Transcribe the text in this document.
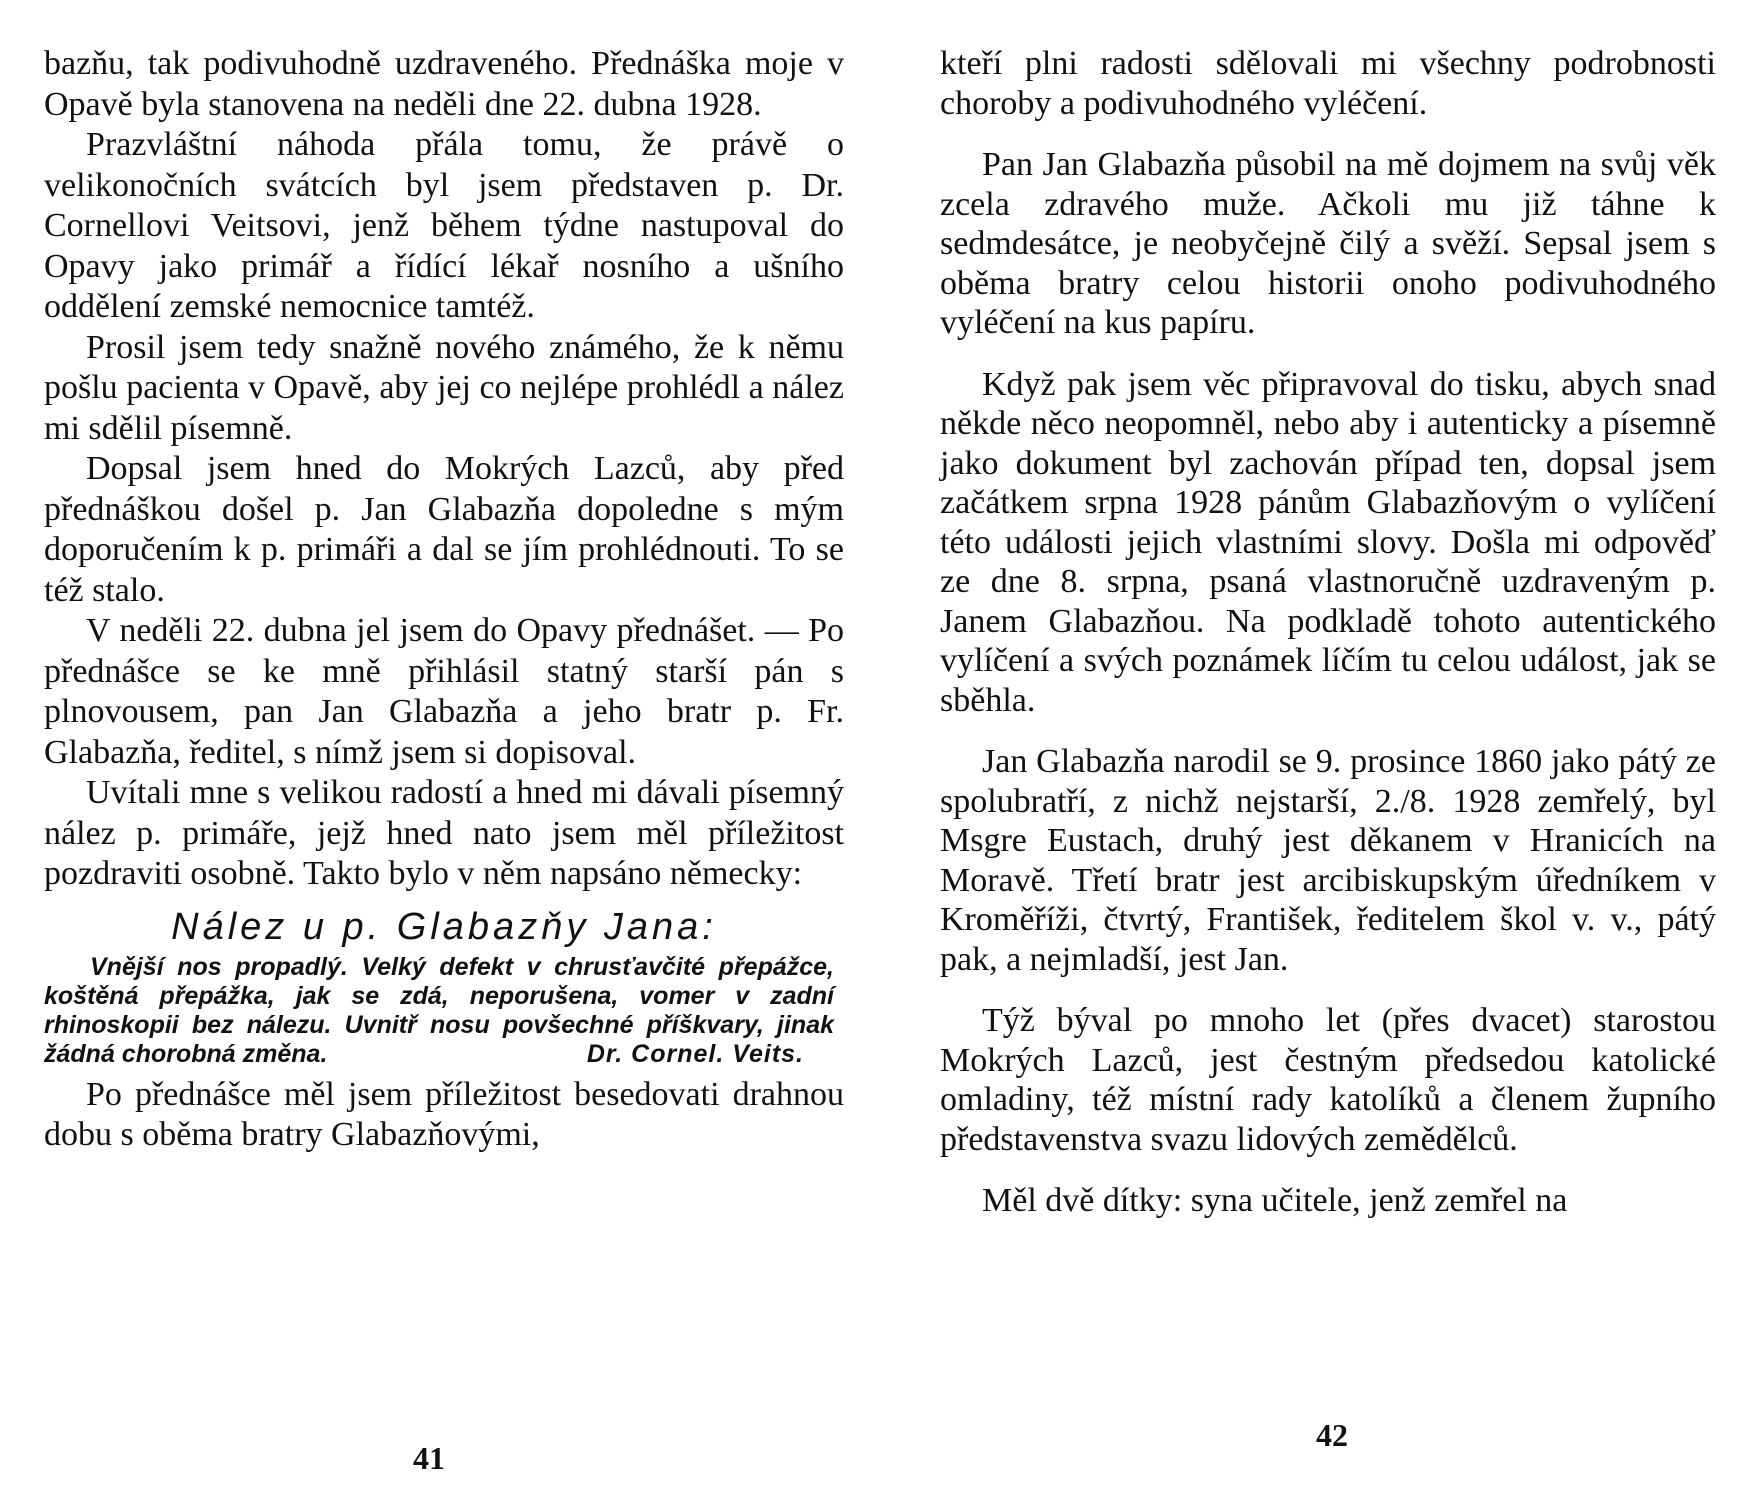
bazňu, tak podivuhodně uzdraveného. Přednáška moje v Opavě byla stanovena na neděli dne 22. dubna 1928.

Prazvláštní náhoda přála tomu, že právě o velikonočních svátcích byl jsem představen p. Dr. Cornellovi Veitsovi, jenž během týdne nastupoval do Opavy jako primář a řídící lékař nosního a ušního oddělení zemské nemocnice tamtéž.

Prosil jsem tedy snažně nového známého, že k němu pošlu pacienta v Opavě, aby jej co nejlépe prohlédl a nález mi sdělil písemně.

Dopsal jsem hned do Mokrých Lazců, aby před přednáškou došel p. Jan Glabazňa dopoledne s mým doporučením k p. primáři a dal se jím prohlédnouti. To se též stalo.

V neděli 22. dubna jel jsem do Opavy přednášet. — Po přednášce se ke mně přihlásil statný starší pán s plnovousem, pan Jan Glabazňa a jeho bratr p. Fr. Glabazňa, ředitel, s nímž jsem si dopisoval.

Uvítali mne s velikou radostí a hned mi dávali písemný nález p. primáře, jejž hned nato jsem měl příležitost pozdraviti osobně. Takto bylo v něm napsáno německy:

Nález u p. Glabazňy Jana:

Vnější nos propadlý. Velký defekt v chrusťavčité přepážce, koštěná přepážka, jak se zdá, neporušena, vomer v zadní rhinoskopii bez nálezu. Uvnitř nosu povšechné příškvary, jinak žádná chorobná změna.	Dr. Cornel. Veits.

Po přednášce měl jsem příležitost besedovati drahnou dobu s oběma bratry Glabazňovými,

41

kteří plni radosti sdělovali mi všechny podrobnosti choroby a podivuhodného vyléčení.

Pan Jan Glabazňa působil na mě dojmem na svůj věk zcela zdravého muže. Ačkoli mu již táhne k sedmdesátce, je neobyčejně čilý a svěží. Sepsal jsem s oběma bratry celou historii onoho podivuhodného vyléčení na kus papíru.

Když pak jsem věc připravoval do tisku, abych snad někde něco neopomněl, nebo aby i autenticky a písemně jako dokument byl zachován případ ten, dopsal jsem začátkem srpna 1928 pánům Glabazňovým o vylíčení této události jejich vlastními slovy. Došla mi odpověď ze dne 8. srpna, psaná vlastnoručně uzdraveným p. Janem Glabazňou. Na podkladě tohoto autentického vylíčení a svých poznámek líčím tu celou událost, jak se sběhla.

Jan Glabazňa narodil se 9. prosince 1860 jako pátý ze spolubratří, z nichž nejstarší, 2./8. 1928 zemřelý, byl Msgre Eustach, druhý jest děkanem v Hranicích na Moravě. Třetí bratr jest arcibiskupským úředníkem v Kroměříži, čtvrtý, František, ředitelem škol v. v., pátý pak, a nejmladší, jest Jan.

Týž býval po mnoho let (přes dvacet) starostou Mokrých Lazců, jest čestným předsedou katolické omladiny, též místní rady katolíků a členem župního představenstva svazu lidových zemědělců.

Měl dvě dítky: syna učitele, jenž zemřel na

42
